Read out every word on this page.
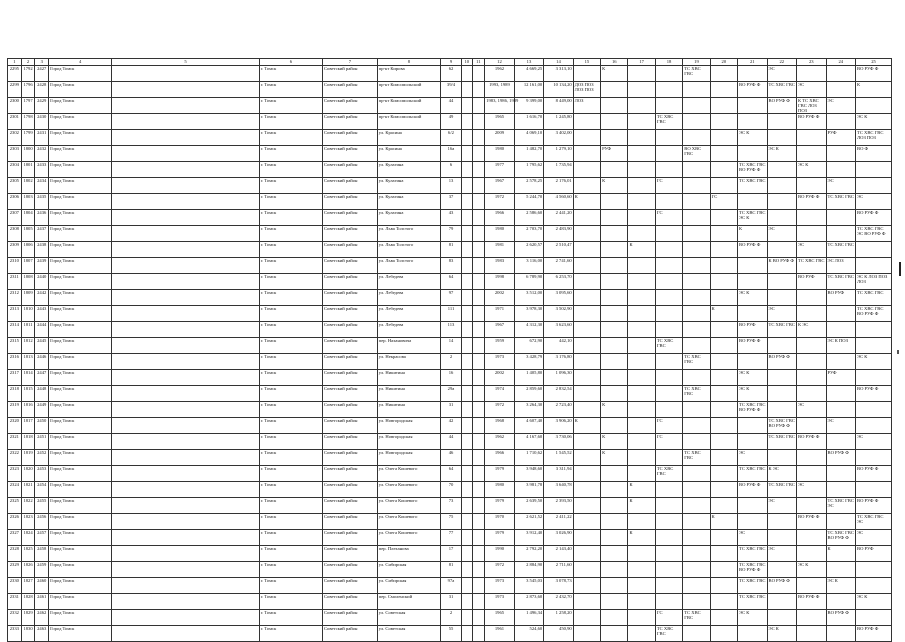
1	2	3	4	5	6	7	8	9	10	11	12	13	14	15	16	17	18	19	20	21	22	23	24	25
2295	1792	2427	Город Томск		г. Томск	Советский район	пр-кт Кирова	62			1962	4 669,25	3 313,10		К			ТС ХВС ГВС			ЭС			ВО РУФ Ф
2299	1796	2428	Город Томск		г. Томск	Советский район	пр-кт Комсомольский	39/4			1993, 1989	12 161,00	10 134,20	ДОЗ ПОЗ ЛОЗ ПОЗ						ВО РУФ Ф	ТС ХВС ГВС	ЭС		К
2300	1797	2429	Город Томск		г. Томск	Советский район	пр-кт Комсомольский	44			1983, 1986, 1989	9 399,00	8 449,00	ЛОЗ							ВО РУФ Ф	К ТС ХВС ГВС ЛОЗ ПОЗ	ЭС	
2301	1798	2430	Город Томск		г. Томск	Советский район	пр-кт Комсомольский	49			1965	1 616,70	1 245,80				ТС ХВС ГВС					ВО РУФ Ф		ЭС К
2302	1799	2431	Город Томск		г. Томск	Советский район	ул. Красина	6/2			2009	4 069,10	3 402,00							ЭС К			РУФ	ТС ХВС ГВС ЛОЗ ПОЗ
2303	1800	2432	Город Томск		г. Томск	Советский район	ул. Красина	16а			1980	1 482,70	1 279,10		РУФ			ВО ХВС ГВС			ЭС К			ВО Ф
2304	1801	2433	Город Томск		г. Томск	Советский район	ул. Кулагина	6			1977	1 795,62	1 735,94							ТС ХВС ГВС ВО РУФ Ф		ЭС К		
2305	1802	2434	Город Томск		г. Томск	Советский район	ул. Кулагина	13			1967	2 578,25	2 176,01		К		ГС			ТС ХВС ГВС			ЭС	
2306	1803	2435	Город Томск		г. Томск	Советский район	ул. Кулагина	37			1972	5 244,70	4 560,60	К					ГС			ВО РУФ Ф	ТС ХВС ГВС	ЭС
2307	1804	2436	Город Томск		г. Томск	Советский район	ул. Кулагина	43			1966	2 586,60	2 441,20				ГС			ТС ХВС ГВС ЭС К				ВО РУФ Ф
2308	1805	2437	Город Томск		г. Томск	Советский район	ул. Льва Толстого	79			1980	2 703,70	2 483,90							К	ЭС			ТС ХВС ГВС ЭС ВО РУФ Ф
2309	1806	2438	Город Томск		г. Томск	Советский район	ул. Льва Толстого	81			1981	2 620,57	2 510,47			К				ВО РУФ Ф		ЭС	ТС ХВС ГВС	
2310	1807	2439	Город Томск		г. Томск	Советский район	ул. Льва Толстого	83			1983	3 116,00	2 741,60								К ВО РУФ Ф	ТС ХВС ГВС	ЭС ЛОЗ	
2311	1808	2440	Город Томск		г. Томск	Советский район	ул. Лебедева	64			1998	6 789,90	6 253,70									ВО РУФ	ТС ХВС ГВС	ЭС К ЛОЗ ПОЗ ЛОЗ
2312	1809	2442	Город Томск		г. Томск	Советский район	ул. Лебедева	97			2002	3 512,00	3 095,60							ЭС К			ВО РУФ	ТС ХВС ГВС
2313	1810	2443	Город Томск		г. Томск	Советский район	ул. Лебедева	111			1971	3 978,30	3 502,90						К		ЭС			ТС ХВС ГВС ВО РУФ Ф
2314	1811	2444	Город Томск		г. Томск	Советский район	ул. Лебедева	113			1967	4 312,30	3 623,60							ВО РУФ	ТС ХВС ГВС	К ЭС		
2315	1812	2445	Город Томск		г. Томск	Советский район	пер. Нахановича	14			1959	672,90	442,10				ТС ХВС ГВС			ВО РУФ Ф			ЭС К ПОЗ	
2316	1813	2446	Город Томск		г. Томск	Советский район	ул. Некрасова	2			1973	3 428,79	3 176,80					ТС ХВС ГВС			ВО РУФ Ф			ЭС К
2317	1814	2447	Город Томск		г. Томск	Советский район	ул. Никитина	16			2002	1 405,80	1 096,30							ЭС К			РУФ	
2318	1815	2448	Город Томск		г. Томск	Советский район	ул. Никитина	29а			1974	2 859,60	2 832,54					ТС ХВС ГВС		ЭС К				ВО РУФ Ф
2319	1816	2449	Город Томск		г. Томск	Советский район	ул. Никитина	31			1972	3 264,30	2 723,40		К					ТС ХВС ГВС ВО РУФ Ф		ЭС		
2320	1817	2450	Город Томск		г. Томск	Советский район	ул. Новгородская	42			1968	4 607,40	3 906,20	К			ГС				ТС ХВС ГВС ВО РУФ Ф		ЭС	
2321	1818	2451	Город Томск		г. Томск	Советский район	ул. Новгородская	44			1962	4 167,60	3 730,06		К		ГС				ТС ХВС ГВС	ВО РУФ Ф		ЭС
2322	1819	2452	Город Томск		г. Томск	Советский район	ул. Новгородская	46			1966	1 710,62	1 545,52		К			ТС ХВС ГВС		ЭС			ВО РУФ Ф	
2323	1820	2453	Город Томск		г. Томск	Советский район	ул. Олега Кошевого	64			1979	3 948,60	3 311,94				ТС ХВС ГВС			ТС ХВС ГВС	К ЭС			ВО РУФ Ф
2324	1821	2454	Город Томск		г. Томск	Советский район	ул. Олега Кошевого	70			1980	3 981,78	3 640,78			К				ВО РУФ Ф	ТС ХВС ГВС	ЭС		
2325	1822	2455	Город Томск		г. Томск	Советский район	ул. Олега Кошевого	73			1979	2 639,50	2 393,50			К					ЭС		ТС ХВС ГВС ЭС	ВО РУФ Ф
2326	1823	2456	Город Томск		г. Томск	Советский район	ул. Олега Кошевого	75			1970	2 621,52	2 411,22						К			ВО РУФ Ф		ТС ХВС ГВС ЭС
2327	1824	2457	Город Томск		г. Томск	Советский район	ул. Олега Кошевого	77			1979	3 912,40	3 026,90			К				ЭС			ТС ХВС ГВС ВО РУФ Ф	ЭС
2328	1825	2458	Город Томск		г. Томск	Советский район	пер. Плеханова	17			1990	2 792,20	2 143,40							ТС ХВС ГВС	ЭС		К	ВО РУФ
2329	1826	2459	Город Томск		г. Томск	Советский район	ул. Сибирская	81			1972	2 884,90	2 711,60							ТС ХВС ГВС ВО РУФ Ф		ЭС К		
2330	1827	2460	Город Томск		г. Томск	Советский район	ул. Сибирская	97а			1973	3 545,03	3 078,73							ТС ХВС ГВС	ВО РУФ Ф		ЭС К	
2331	1828	2461	Город Томск		г. Томск	Советский район	пер. Смоленский	31			1973	2 873,60	2 432,70							ТС ХВС ГВС		ВО РУФ Ф		ЭС К
2332	1829	2462	Город Томск		г. Томск	Советский район	ул. Советская	2			1965	1 496,34	1 258,20				ГС	ТС ХВС ГВС		ЭС К			ВО РУФ Ф	
2333	1830	2463	Город Томск		г. Томск	Советский район	ул. Советская	55			1961	524,60	450,90				ТС ХВС ГВС				ЭС К			ВО РУФ Ф
